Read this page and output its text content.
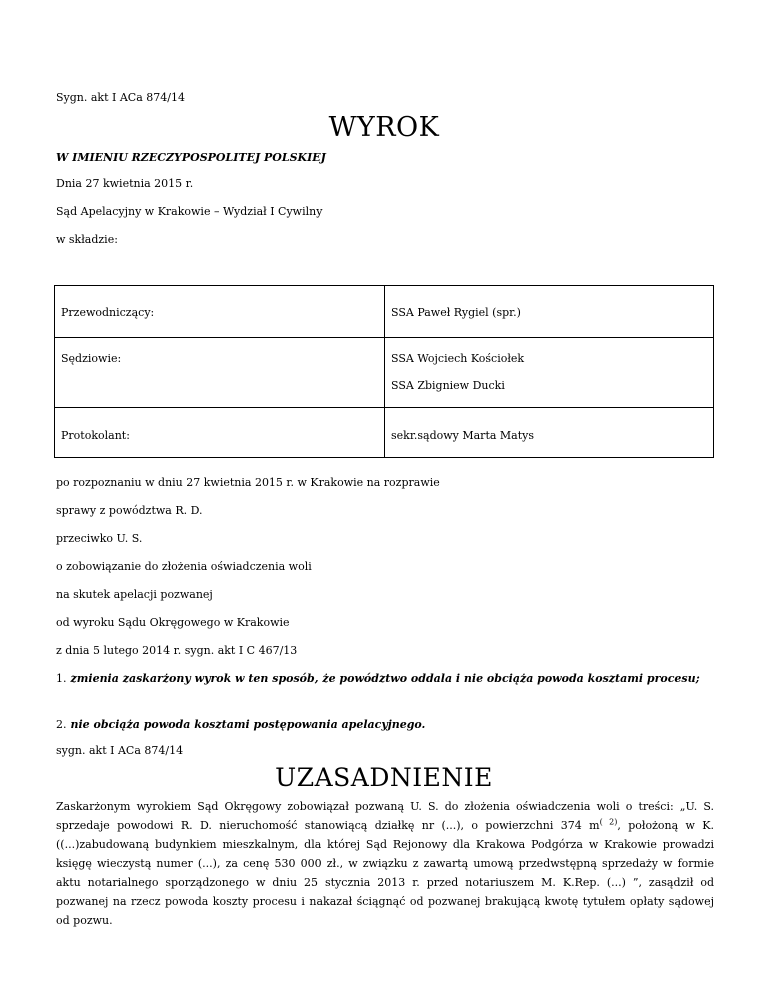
Sygn. akt I ACa 874/14
WYROK
W IMIENIU RZECZYPOSPOLITEJ POLSKIEJ
Dnia 27 kwietnia 2015 r.
Sąd Apelacyjny w Krakowie – Wydział I Cywilny
w składzie:
Przewodniczący:	SSA Paweł Rygiel (spr.)

Sędziowie:	SSA Wojciech Kościołek
SSA Zbigniew Ducki

Protokolant:	sekr.sądowy Marta Matys
po rozpoznaniu w dniu 27 kwietnia 2015 r. w Krakowie na rozprawie
sprawy z powództwa R. D.
przeciwko U. S.
o zobowiązanie do złożenia oświadczenia woli
na skutek apelacji pozwanej
od wyroku Sądu Okręgowego w Krakowie
z dnia 5 lutego 2014 r. sygn. akt I C 467/13
1. zmienia zaskarżony wyrok w ten sposób, że powództwo oddala i nie obciąża powoda kosztami procesu;
2. nie obciąża powoda kosztami postępowania apelacyjnego.
sygn. akt I ACa 874/14
UZASADNIENIE
Zaskarżonym wyrokiem Sąd Okręgowy zobowiązał pozwaną U. S. do złożenia oświadczenia woli o treści: „U. S. sprzedaje powodowi R. D. nieruchomość stanowiącą działkę nr (...), o powierzchni 374 $m^{( 2)}$, położoną w K. ((...)zabudowaną budynkiem mieszkalnym, dla której Sąd Rejonowy dla Krakowa Podgórza w Krakowie prowadzi księgę wieczystą numer (...), za cenę 530 000 zł., w związku z zawartą umową przedwstępną sprzedaży w formie aktu notarialnego sporządzonego w dniu 25 stycznia 2013 r. przed notariuszem M. K.Rep. (...) ”, zasądził od pozwanej na rzecz powoda koszty procesu i nakazał ściągnąć od pozwanej brakującą kwotę tytułem opłaty sądowej od pozwu.
